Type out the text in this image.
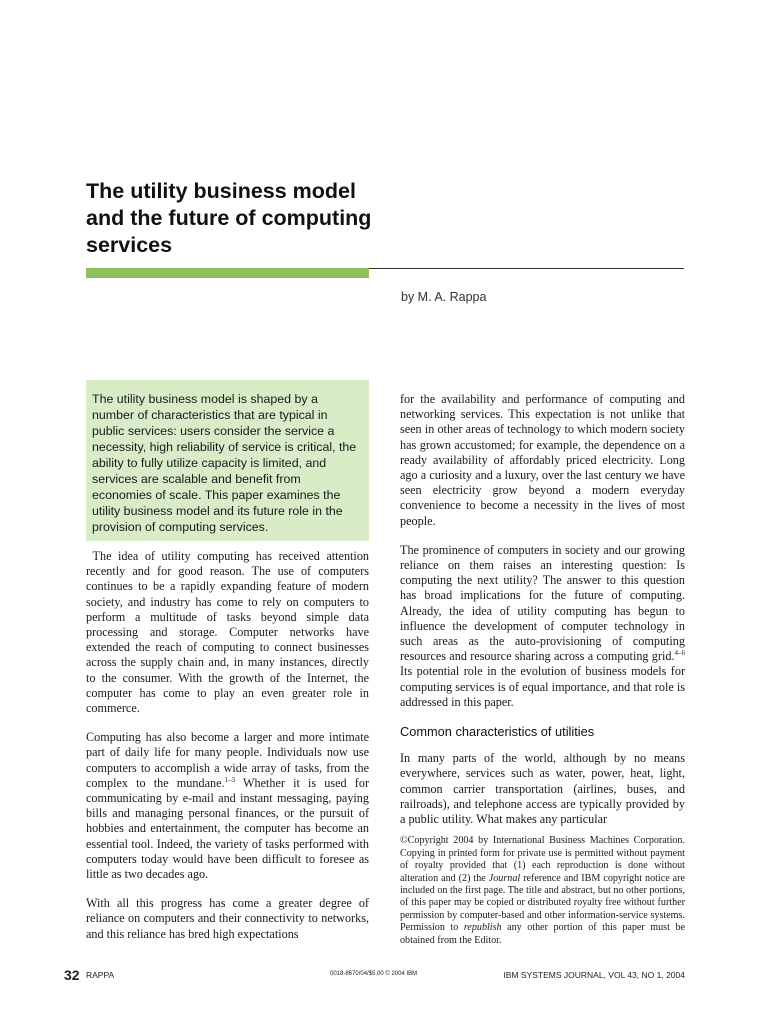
The utility business model and the future of computing services
by M. A. Rappa

The utility business model is shaped by a number of characteristics that are typical in public services: users consider the service a necessity, high reliability of service is critical, the ability to fully utilize capacity is limited, and services are scalable and benefit from economies of scale. This paper examines the utility business model and its future role in the provision of computing services.

The idea of utility computing has received attention recently and for good reason. The use of computers continues to be a rapidly expanding feature of modern society, and industry has come to rely on computers to perform a multitude of tasks beyond simple data processing and storage. Computer networks have extended the reach of computing to connect businesses across the supply chain and, in many instances, directly to the consumer. With the growth of the Internet, the computer has come to play an even greater role in commerce.

Computing has also become a larger and more intimate part of daily life for many people. Individuals now use computers to accomplish a wide array of tasks, from the complex to the mundane.$^{1-3}$ Whether it is used for communicating by e-mail and instant messaging, paying bills and managing personal finances, or the pursuit of hobbies and entertainment, the computer has become an essential tool. Indeed, the variety of tasks performed with computers today would have been difficult to foresee as little as two decades ago.

With all this progress has come a greater degree of reliance on computers and their connectivity to networks, and this reliance has bred high expectations

for the availability and performance of computing and networking services. This expectation is not unlike that seen in other areas of technology to which modern society has grown accustomed; for example, the dependence on a ready availability of affordably priced electricity. Long ago a curiosity and a luxury, over the last century we have seen electricity grow beyond a modern everyday convenience to become a necessity in the lives of most people.

The prominence of computers in society and our growing reliance on them raises an interesting question: Is computing the next utility? The answer to this question has broad implications for the future of computing. Already, the idea of utility computing has begun to influence the development of computer technology in such areas as the auto-provisioning of computing resources and resource sharing across a computing grid.$^{4-6}$ Its potential role in the evolution of business models for computing services is of equal importance, and that role is addressed in this paper.

Common characteristics of utilities

In many parts of the world, although by no means everywhere, services such as water, power, heat, light, common carrier transportation (airlines, buses, and railroads), and telephone access are typically provided by a public utility. What makes any particular

©Copyright 2004 by International Business Machines Corporation. Copying in printed form for private use is permitted without payment of royalty provided that (1) each reproduction is done without alteration and (2) the Journal reference and IBM copyright notice are included on the first page. The title and abstract, but no other portions, of this paper may be copied or distributed royalty free without further permission by computer-based and other information-service systems. Permission to republish any other portion of this paper must be obtained from the Editor.

32 RAPPA	0018-8670/04/$5.00 © 2004 IBM	IBM SYSTEMS JOURNAL, VOL 43, NO 1, 2004
